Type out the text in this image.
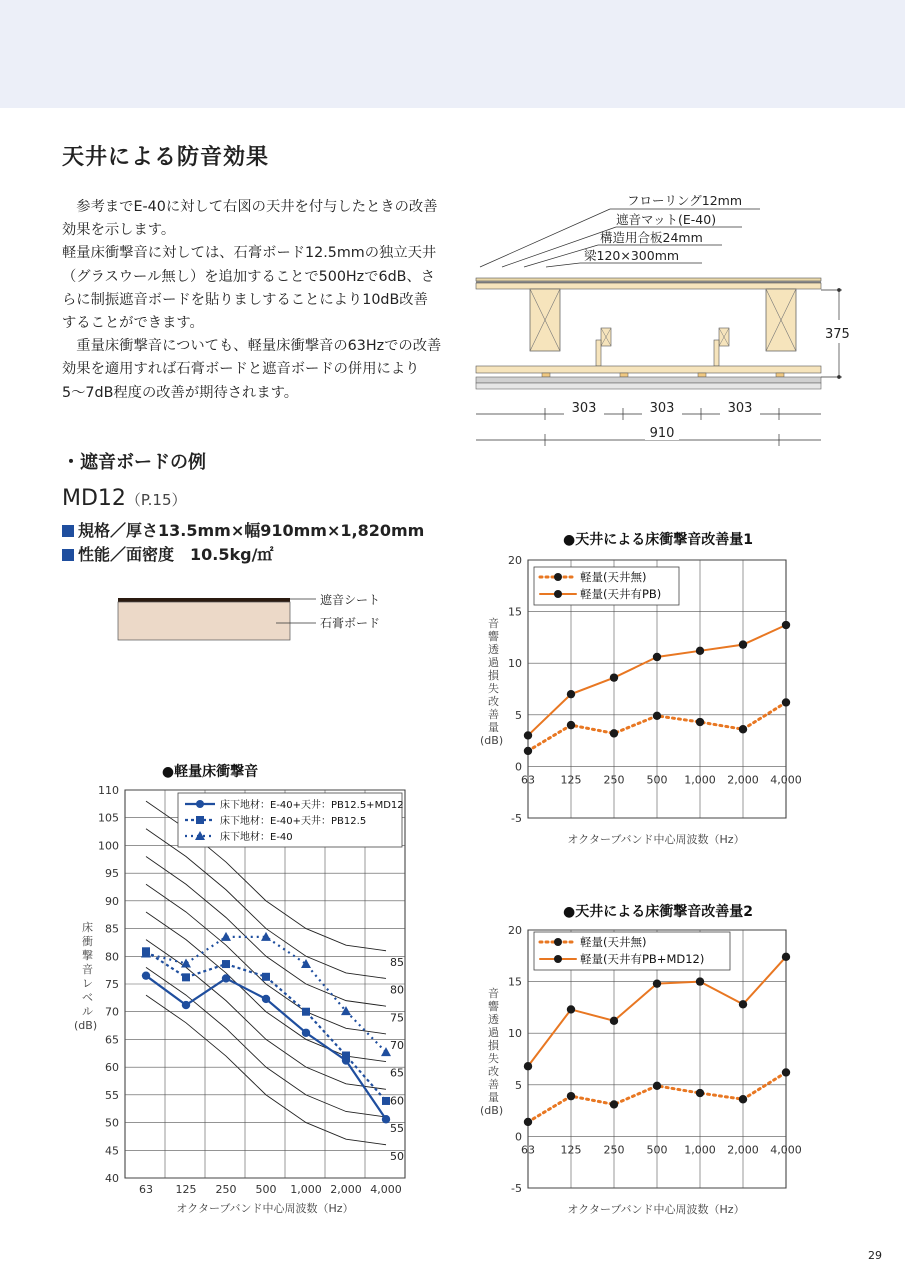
天井による防音効果

参考までE-40に対して右図の天井を付与したときの改善効果を示します。

軽量床衝撃音に対しては、石膏ボード12.5mmの独立天井（グラスウール無し）を追加することで500Hzで6dB、さらに制振遮音ボードを貼りましすることにより10dB改善することができます。

重量床衝撃音についても、軽量床衝撃音の63Hzでの改善効果を適用すれば石膏ボードと遮音ボードの併用により5〜7dB程度の改善が期待されます。

フローリング12mm
遮音マット(E-40)
構造用合板24mm
梁120×300mm
375
303	303	303
910
・遮音ボードの例
MD12（P.15）
規格／厚さ13.5mm×幅910mm×1,820mm
性能／面密度　10.5kg/㎡
遮音シート
石膏ボード
●軽量床衝撃音
床衝撃音レベル(dB)
オクターブバンド中心周波数（Hz）
85
80
75
70
65
60
55
50
40
45
50
55
60
65
70
75
80
85
90
95
100
105
110
63 125 250 500 1,000 2,000 4,000
床下地材：E-40+天井：PB12.5+MD12
床下地材：E-40+天井：PB12.5
床下地材：E-40
●天井による床衝撃音改善量1
音響透過損失改善量(dB)
オクターブバンド中心周波数（Hz）
-5
0
5
10
15
20
63 125 250 500 1,000 2,000 4,000
軽量(天井無)
軽量(天井有PB)
●天井による床衝撃音改善量2
音響透過損失改善量(dB)
オクターブバンド中心周波数（Hz）
-5
0
5
10
15
20
63 125 250 500 1,000 2,000 4,000
軽量(天井無)
軽量(天井有PB+MD12)
29
